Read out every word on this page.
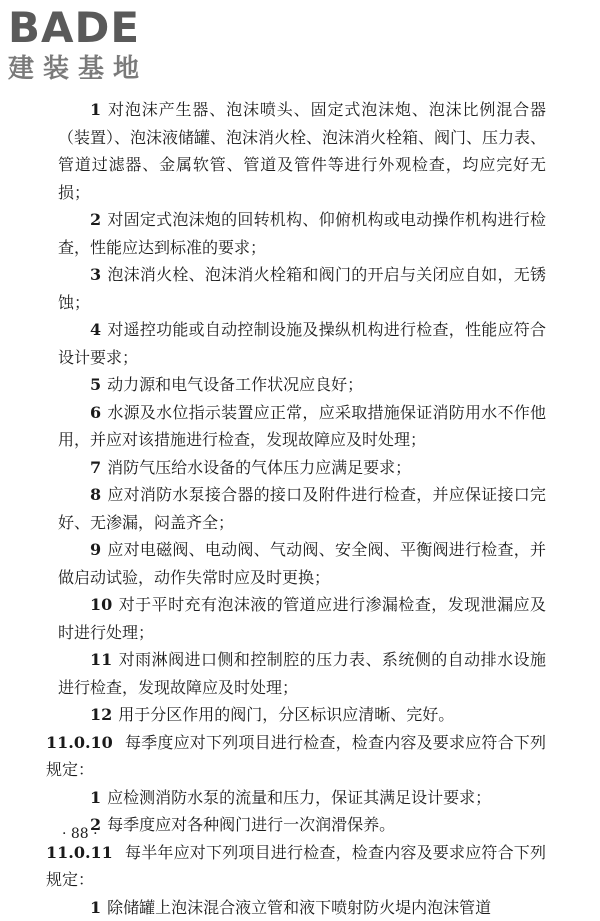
BADE
建装基地

1 对泡沫产生器、泡沫喷头、固定式泡沫炮、泡沫比例混合器（装置）、泡沫液储罐、泡沫消火栓、泡沫消火栓箱、阀门、压力表、管道过滤器、金属软管、管道及管件等进行外观检查，均应完好无损；

2 对固定式泡沫炮的回转机构、仰俯机构或电动操作机构进行检查，性能应达到标准的要求；

3 泡沫消火栓、泡沫消火栓箱和阀门的开启与关闭应自如，无锈蚀；

4 对遥控功能或自动控制设施及操纵机构进行检查，性能应符合设计要求；

5 动力源和电气设备工作状况应良好；

6 水源及水位指示装置应正常，应采取措施保证消防用水不作他用，并应对该措施进行检查，发现故障应及时处理；

7 消防气压给水设备的气体压力应满足要求；

8 应对消防水泵接合器的接口及附件进行检查，并应保证接口完好、无渗漏，闷盖齐全；

9 应对电磁阀、电动阀、气动阀、安全阀、平衡阀进行检查，并做启动试验，动作失常时应及时更换；

10 对于平时充有泡沫液的管道应进行渗漏检查，发现泄漏应及时进行处理；

11 对雨淋阀进口侧和控制腔的压力表、系统侧的自动排水设施进行检查，发现故障应及时处理；

12 用于分区作用的阀门，分区标识应清晰、完好。

11.0.10 每季度应对下列项目进行检查，检查内容及要求应符合下列规定：

1 应检测消防水泵的流量和压力，保证其满足设计要求；

2 每季度应对各种阀门进行一次润滑保养。

11.0.11 每半年应对下列项目进行检查，检查内容及要求应符合下列规定：

1 除储罐上泡沫混合液立管和液下喷射防火堤内泡沫管道

· 88 ·
